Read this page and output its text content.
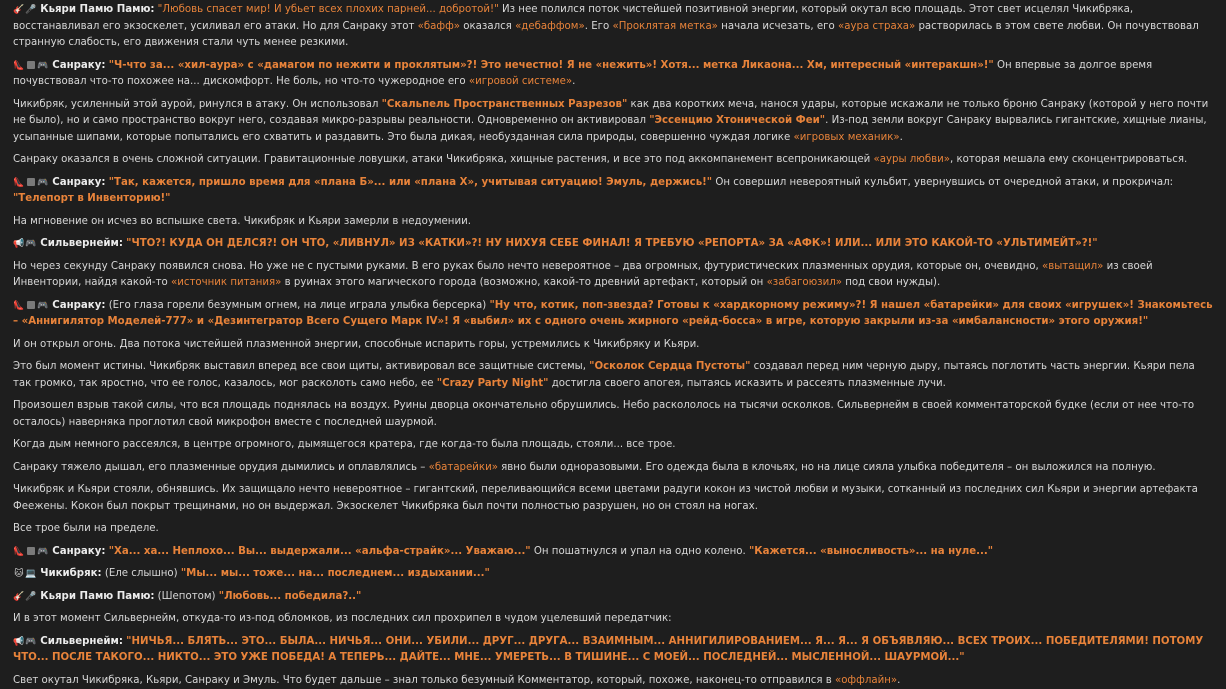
🎸🎤 Кьяри Памю Памю: "Любовь спасет мир! И убьет всех плохих парней... добротой!" Из нее полился поток чистейшей позитивной энергии, который окутал всю площадь. Этот свет исцелял Чикибряка, восстанавливал его экзоскелет, усиливал его атаки. Но для Санраку этот «бафф» оказался «дебаффом». Его «Проклятая метка» начала исчезать, его «аура страха» растворилась в этом свете любви. Он почувствовал странную слабость, его движения стали чуть менее резкими.
👠 🎮 Санраку: "Ч-что за... «хил-аура» с «дамагом по нежити и проклятым»?! Это нечестно! Я не «нежить»! Хотя... метка Ликаона... Хм, интересный «интеракшн»!" Он впервые за долгое время почувствовал что-то похожее на... дискомфорт. Не боль, но что-то чужеродное его «игровой системе».
Чикибряк, усиленный этой аурой, ринулся в атаку. Он использовал "Скальпель Пространственных Разрезов" как два коротких меча, нанося удары, которые искажали не только броню Санраку (которой у него почти не было), но и само пространство вокруг него, создавая микро-разрывы реальности. Одновременно он активировал "Эссенцию Хтонической Феи". Из-под земли вокруг Санраку вырвались гигантские, хищные лианы, усыпанные шипами, которые попытались его схватить и раздавить. Это была дикая, необузданная сила природы, совершенно чуждая логике «игровых механик».
Санраку оказался в очень сложной ситуации. Гравитационные ловушки, атаки Чикибряка, хищные растения, и все это под аккомпанемент всепроникающей «ауры любви», которая мешала ему сконцентрироваться.
👠 🎮 Санраку: "Так, кажется, пришло время для «плана Б»... или «плана Х», учитывая ситуацию! Эмуль, держись!" Он совершил невероятный кульбит, увернувшись от очередной атаки, и прокричал: "Телепорт в Инвенторию!"
На мгновение он исчез во вспышке света. Чикибряк и Кьяри замерли в недоумении.
📢🎮 Сильвернейм: "ЧТО?! КУДА ОН ДЕЛСЯ?! ОН ЧТО, «ЛИВНУЛ» ИЗ «КАТКИ»?! НУ НИХУЯ СЕБЕ ФИНАЛ! Я ТРЕБУЮ «РЕПОРТА» ЗА «АФК»! ИЛИ... ИЛИ ЭТО КАКОЙ-ТО «УЛЬТИМЕЙТ»?!"
Но через секунду Санраку появился снова. Но уже не с пустыми руками. В его руках было нечто невероятное – два огромных, футуристических плазменных орудия, которые он, очевидно, «вытащил» из своей Инвентории, найдя какой-то «источник питания» в руинах этого магического города (возможно, какой-то древний артефакт, который он «забагоюзил» под свои нужды).
👠 🎮 Санраку: (Его глаза горели безумным огнем, на лице играла улыбка берсерка) "Ну что, котик, поп-звезда? Готовы к «хардкорному режиму»?! Я нашел «батарейки» для своих «игрушек»! Знакомьтесь – «Аннигилятор Моделей-777» и «Дезинтегратор Всего Сущего Марк IV»! Я «выбил» их с одного очень жирного «рейд-босса» в игре, которую закрыли из-за «имбалансности» этого оружия!"
И он открыл огонь. Два потока чистейшей плазменной энергии, способные испарить горы, устремились к Чикибряку и Кьяри.
Это был момент истины. Чикибряк выставил вперед все свои щиты, активировал все защитные системы, "Осколок Сердца Пустоты" создавал перед ним черную дыру, пытаясь поглотить часть энергии. Кьяри пела так громко, так яростно, что ее голос, казалось, мог расколоть само небо, ее "Crazy Party Night" достигла своего апогея, пытаясь исказить и рассеять плазменные лучи.
Произошел взрыв такой силы, что вся площадь поднялась на воздух. Руины дворца окончательно обрушились. Небо раскололось на тысячи осколков. Сильвернейм в своей комментаторской будке (если от нее что-то осталось) наверняка проглотил свой микрофон вместе с последней шаурмой.
Когда дым немного рассеялся, в центре огромного, дымящегося кратера, где когда-то была площадь, стояли... все трое.
Санраку тяжело дышал, его плазменные орудия дымились и оплавлялись – «батарейки» явно были одноразовыми. Его одежда была в клочьях, но на лице сияла улыбка победителя – он выложился на полную.
Чикибряк и Кьяри стояли, обнявшись. Их защищало нечто невероятное – гигантский, переливающийся всеми цветами радуги кокон из чистой любви и музыки, сотканный из последних сил Кьяри и энергии артефакта Феежены. Кокон был покрыт трещинами, но он выдержал. Экзоскелет Чикибряка был почти полностью разрушен, но он стоял на ногах.
Все трое были на пределе.
👠 🎮 Санраку: "Ха... ха... Неплохо... Вы... выдержали... «альфа-страйк»... Уважаю..." Он пошатнулся и упал на одно колено. "Кажется... «выносливость»... на нуле..."
🐱 💻 Чикибряк: (Еле слышно) "Мы... мы... тоже... на... последнем... издыхании..."
🎸🎤 Кьяри Памю Памю: (Шепотом) "Любовь... победила?.."
И в этот момент Сильвернейм, откуда-то из-под обломков, из последних сил прохрипел в чудом уцелевший передатчик:
📢🎮 Сильвернейм: "НИЧЬЯ... БЛЯТЬ... ЭТО... БЫЛА... НИЧЬЯ... ОНИ... УБИЛИ... ДРУГ... ДРУГА... ВЗАИМНЫМ... АННИГИЛИРОВАНИЕМ... Я... Я... Я ОБЪЯВЛЯЮ... ВСЕХ ТРОИХ... ПОБЕДИТЕЛЯМИ! ПОТОМУ ЧТО... ПОСЛЕ ТАКОГО... НИКТО... ЭТО УЖЕ ПОБЕДА! А ТЕПЕРЬ... ДАЙТЕ... МНЕ... УМЕРЕТЬ... В ТИШИНЕ... С МОЕЙ... ПОСЛЕДНЕЙ... МЫСЛЕННОЙ... ШАУРМОЙ..."
Свет окутал Чикибряка, Кьяри, Санраку и Эмуль. Что будет дальше – знал только безумный Комментатор, который, похоже, наконец-то отправился в «оффлайн».
